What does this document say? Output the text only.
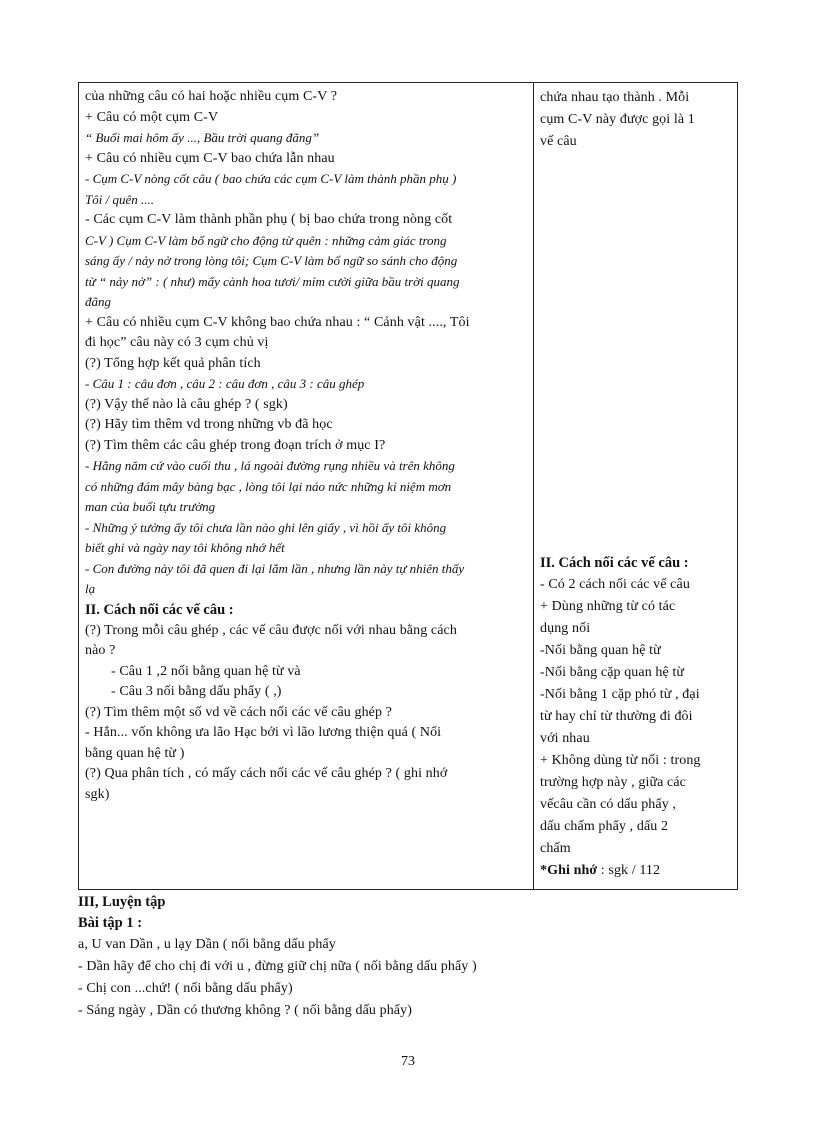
của những câu có hai hoặc nhiều cụm C-V ?
+ Câu có một cụm C-V
“ Buổi mai hôm ấy ..., Bầu trời quang đãng”
+ Câu có nhiều cụm C-V bao chứa lẫn nhau
- Cụm C-V nòng cốt câu ( bao chứa các cụm C-V làm thành phần phụ )
Tôi / quên ....
- Các cụm C-V làm thành phần phụ ( bị bao chứa trong nòng cốt
C-V ) Cụm C-V làm bổ ngữ cho động từ quên : những cảm giác trong
sáng ấy / nảy nở trong lòng tôi; Cụm C-V làm bổ ngữ so sánh cho động
từ “ nảy nở” : ( như) mấy cành hoa tươi/ mỉm cười giữa bầu trời quang
đãng
+ Câu có nhiều cụm C-V không bao chứa nhau : “ Cảnh vật ...., Tôi
đi học” câu này có 3 cụm chủ vị
(?) Tổng hợp kết quả phân tích
- Câu 1 : câu đơn , câu 2 : câu đơn , câu 3 : câu ghép
(?) Vậy thế nào là câu ghép ? ( sgk)
(?) Hãy tìm thêm vd trong những vb đã học
(?) Tìm thêm các câu ghép trong đoạn trích ở mục I?
- Hằng năm cứ vào cuối thu , lá ngoài đường rụng nhiều và trên không
có những đám mây bàng bạc , lòng tôi lại náo nức những kỉ niệm mơn
man của buổi tựu trường
- Những ý tưởng ấy tôi chưa lần nào ghi lên giấy , vì hồi ấy tôi không
biết ghi và ngày nay tôi không nhớ hết
- Con đường này tôi đã quen đi lại lắm lần , nhưng lần này tự nhiên thấy
lạ
II. Cách nối các vế câu :
(?) Trong mỗi câu ghép , các vế câu được nối với nhau bằng cách
nào ?
- Câu 1 ,2 nối bằng quan hệ từ và
- Câu 3 nối bằng dấu phẩy ( ,)
(?) Tìm thêm một số vd về cách nối các vế câu ghép ?
- Hắn... vốn không ưa lão Hạc bởi vì lão lương thiện quá ( Nối
bằng quan hệ từ )
(?) Qua phân tích , có mấy cách nối các vế câu ghép ? ( ghi nhớ
sgk)
chứa nhau tạo thành . Mỗi
cụm C-V này được gọi là 1
vế câu
II. Cách nối các vế câu :
- Có 2 cách nối các vế câu
+ Dùng những từ có tác
dụng nối
-Nối bằng quan hệ từ
-Nối bằng cặp quan hệ từ
-Nối bằng 1 cặp phó từ , đại
từ hay chỉ từ thường đi đôi
với nhau
+ Không dùng từ nối : trong
trường hợp này , giữa các
vếcâu cần có dấu phẩy ,
dấu chấm phẩy , dấu 2
chấm
*Ghi nhớ : sgk / 112
III, Luyện tập
Bài tập 1 :
a, U van Dần , u lạy Dần ( nối bằng dấu phẩy
- Dần hãy để cho chị đi với u , đừng giữ chị nữa ( nối bằng dấu phẩy )
- Chị con ...chứ! ( nối bằng dấu phẩy)
- Sáng ngày , Dần có thương không ? ( nối bằng dấu phẩy)
73
